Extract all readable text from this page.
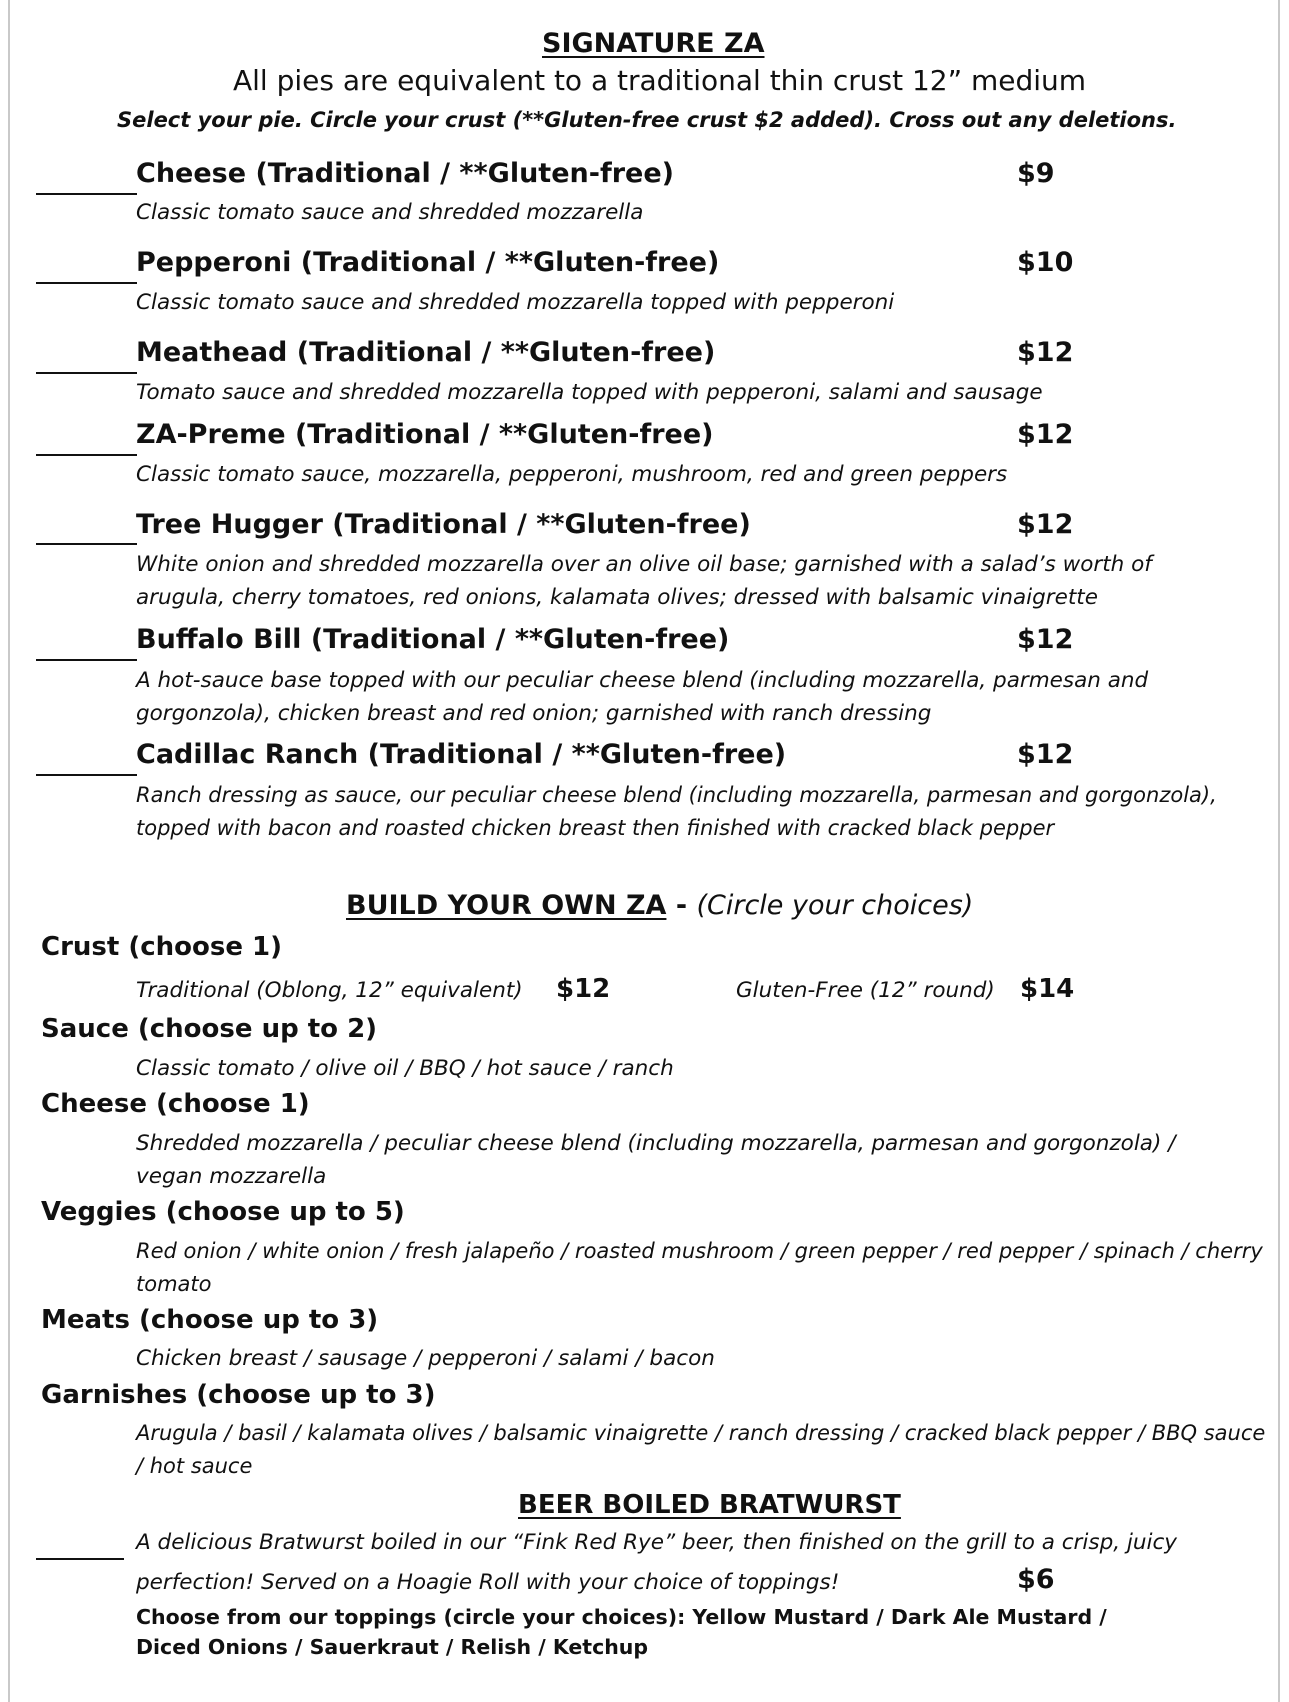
SIGNATURE ZA
All pies are equivalent to a traditional thin crust 12” medium
Select your pie. Circle your crust (**Gluten-free crust $2 added). Cross out any deletions.
Cheese (Traditional / **Gluten-free)	$9
Classic tomato sauce and shredded mozzarella
Pepperoni (Traditional / **Gluten-free)	$10
Classic tomato sauce and shredded mozzarella topped with pepperoni
Meathead (Traditional / **Gluten-free)	$12
Tomato sauce and shredded mozzarella topped with pepperoni, salami and sausage
ZA-Preme (Traditional / **Gluten-free)	$12
Classic tomato sauce, mozzarella, pepperoni, mushroom, red and green peppers
Tree Hugger (Traditional / **Gluten-free)	$12
White onion and shredded mozzarella over an olive oil base; garnished with a salad’s worth of arugula, cherry tomatoes, red onions, kalamata olives; dressed with balsamic vinaigrette
Buffalo Bill (Traditional / **Gluten-free)	$12
A hot-sauce base topped with our peculiar cheese blend (including mozzarella, parmesan and gorgonzola), chicken breast and red onion; garnished with ranch dressing
Cadillac Ranch (Traditional / **Gluten-free)	$12
Ranch dressing as sauce, our peculiar cheese blend (including mozzarella, parmesan and gorgonzola), topped with bacon and roasted chicken breast then finished with cracked black pepper
BUILD YOUR OWN ZA - (Circle your choices)
Crust (choose 1)
Traditional (Oblong, 12” equivalent) $12	Gluten-Free (12” round) $14
Sauce (choose up to 2)
Classic tomato / olive oil / BBQ / hot sauce / ranch
Cheese (choose 1)
Shredded mozzarella / peculiar cheese blend (including mozzarella, parmesan and gorgonzola) / vegan mozzarella
Veggies (choose up to 5)
Red onion / white onion / fresh jalapeño / roasted mushroom / green pepper / red pepper / spinach / cherry tomato
Meats (choose up to 3)
Chicken breast / sausage / pepperoni / salami / bacon
Garnishes (choose up to 3)
Arugula / basil / kalamata olives / balsamic vinaigrette / ranch dressing / cracked black pepper / BBQ sauce / hot sauce
BEER BOILED BRATWURST
A delicious Bratwurst boiled in our “Fink Red Rye” beer, then finished on the grill to a crisp, juicy
perfection! Served on a Hoagie Roll with your choice of toppings!	$6
Choose from our toppings (circle your choices): Yellow Mustard / Dark Ale Mustard / Diced Onions / Sauerkraut / Relish / Ketchup
